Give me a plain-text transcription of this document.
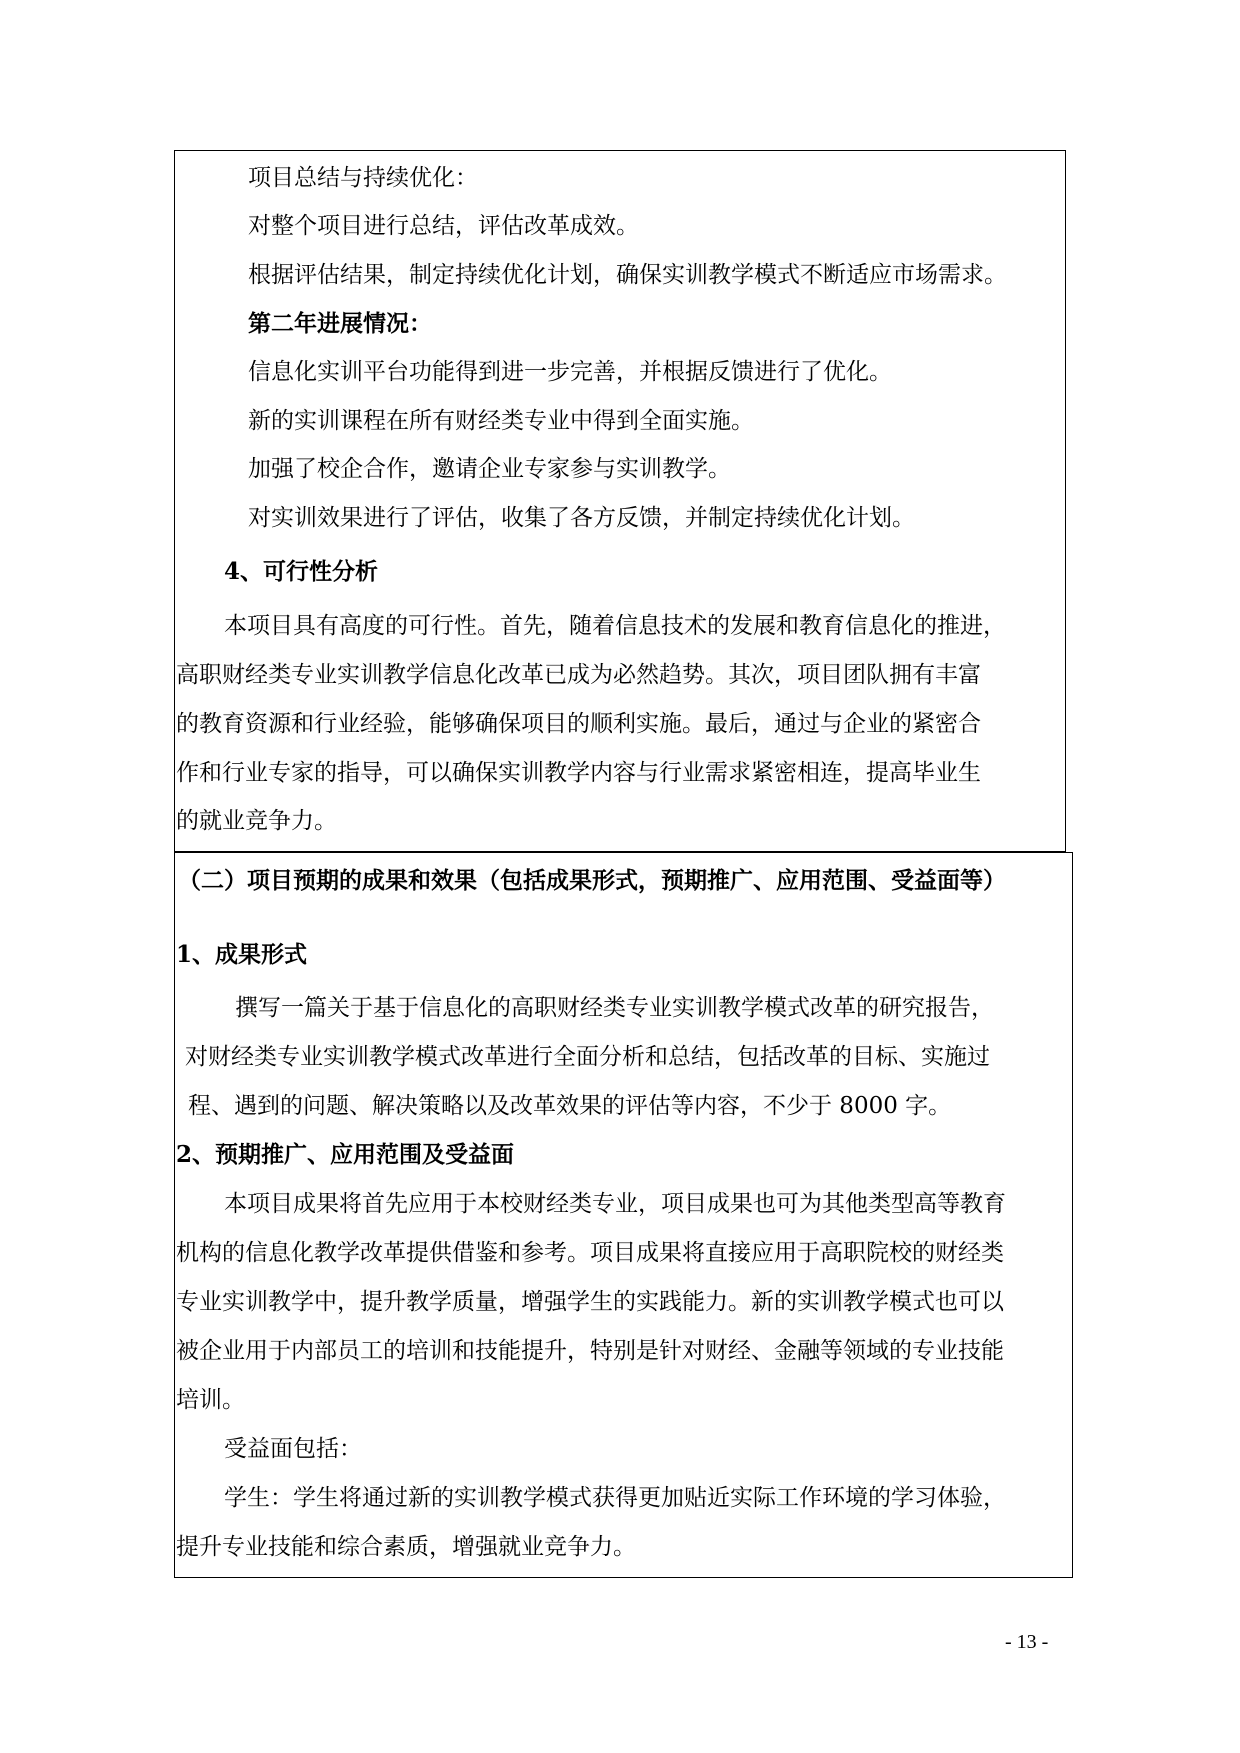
项目总结与持续优化：
对整个项目进行总结，评估改革成效。
根据评估结果，制定持续优化计划，确保实训教学模式不断适应市场需求。
第二年进展情况：
信息化实训平台功能得到进一步完善，并根据反馈进行了优化。
新的实训课程在所有财经类专业中得到全面实施。
加强了校企合作，邀请企业专家参与实训教学。
对实训效果进行了评估，收集了各方反馈，并制定持续优化计划。
4、可行性分析
本项目具有高度的可行性。首先，随着信息技术的发展和教育信息化的推进，
高职财经类专业实训教学信息化改革已成为必然趋势。其次，项目团队拥有丰富
的教育资源和行业经验，能够确保项目的顺利实施。最后，通过与企业的紧密合
作和行业专家的指导，可以确保实训教学内容与行业需求紧密相连，提高毕业生
的就业竞争力。
（二）项目预期的成果和效果（包括成果形式，预期推广、应用范围、受益面等）
1、成果形式
撰写一篇关于基于信息化的高职财经类专业实训教学模式改革的研究报告，
对财经类专业实训教学模式改革进行全面分析和总结，包括改革的目标、实施过
程、遇到的问题、解决策略以及改革效果的评估等内容，不少于 8000 字。
2、预期推广、应用范围及受益面
本项目成果将首先应用于本校财经类专业，项目成果也可为其他类型高等教育
机构的信息化教学改革提供借鉴和参考。项目成果将直接应用于高职院校的财经类
专业实训教学中，提升教学质量，增强学生的实践能力。新的实训教学模式也可以
被企业用于内部员工的培训和技能提升，特别是针对财经、金融等领域的专业技能
培训。
受益面包括：
学生：学生将通过新的实训教学模式获得更加贴近实际工作环境的学习体验，
提升专业技能和综合素质，增强就业竞争力。
- 13 -
